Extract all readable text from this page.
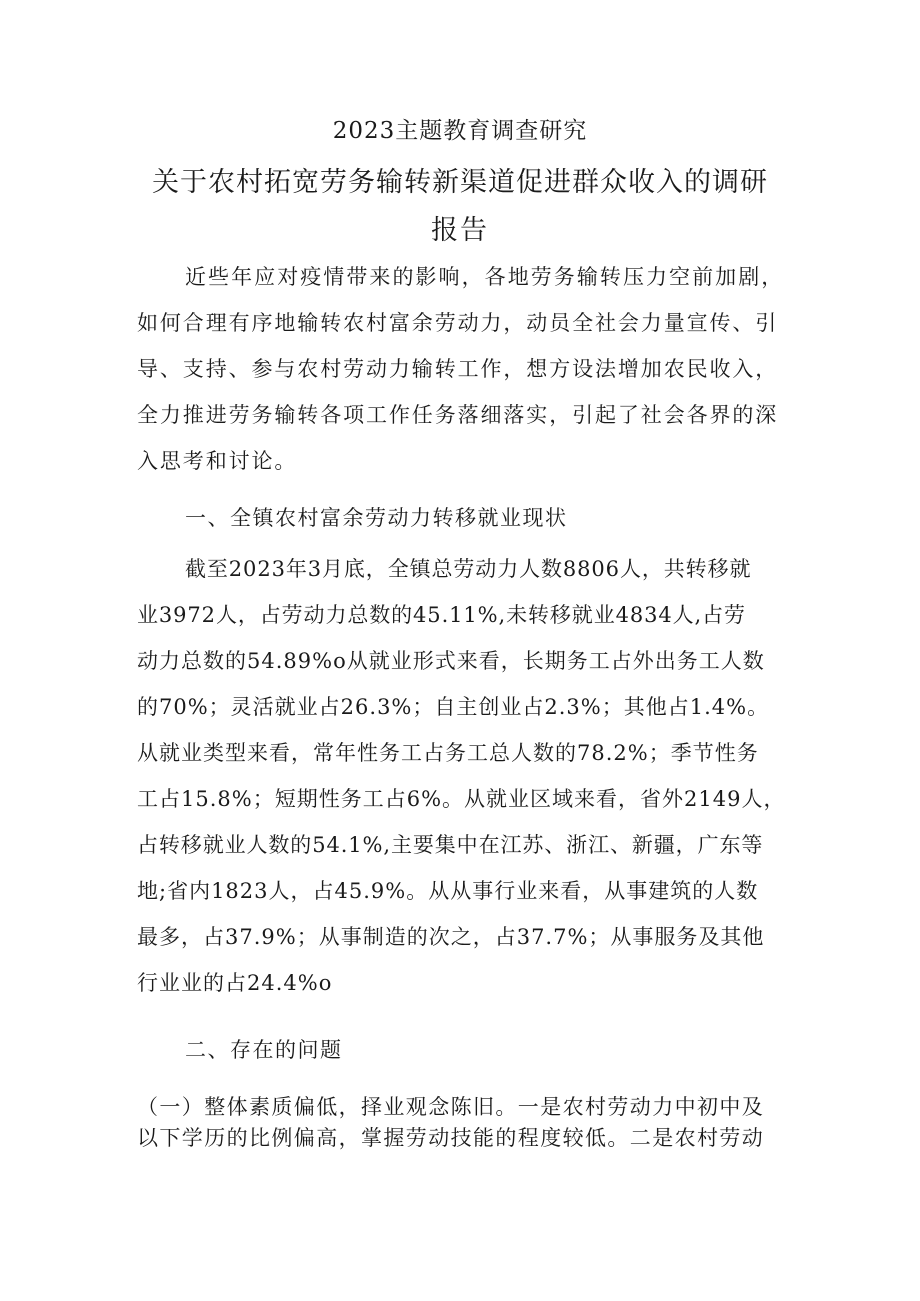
2023主题教育调查研究
关于农村拓宽劳务输转新渠道促进群众收入的调研
报告

近些年应对疫情带来的影响，各地劳务输转压力空前加剧，

如何合理有序地输转农村富余劳动力，动员全社会力量宣传、引

导、支持、参与农村劳动力输转工作，想方设法增加农民收入，

全力推进劳务输转各项工作任务落细落实，引起了社会各界的深

入思考和讨论。

一、全镇农村富余劳动力转移就业现状

截至2023年3月底，全镇总劳动力人数8806人，共转移就

业3972人，占劳动力总数的45.11%,未转移就业4834人,占劳

动力总数的54.89%o从就业形式来看，长期务工占外出务工人数

的70%；灵活就业占26.3%；自主创业占2.3%；其他占1.4%。

从就业类型来看，常年性务工占务工总人数的78.2%；季节性务

工占15.8%；短期性务工占6%。从就业区域来看，省外2149人，

占转移就业人数的54.1%,主要集中在江苏、浙江、新疆，广东等

地;省内1823人，占45.9%。从从事行业来看，从事建筑的人数

最多，占37.9%；从事制造的次之，占37.7%；从事服务及其他

行业业的占24.4%o

二、存在的问题

（一）整体素质偏低，择业观念陈旧。一是农村劳动力中初中及

以下学历的比例偏高，掌握劳动技能的程度较低。二是农村劳动
